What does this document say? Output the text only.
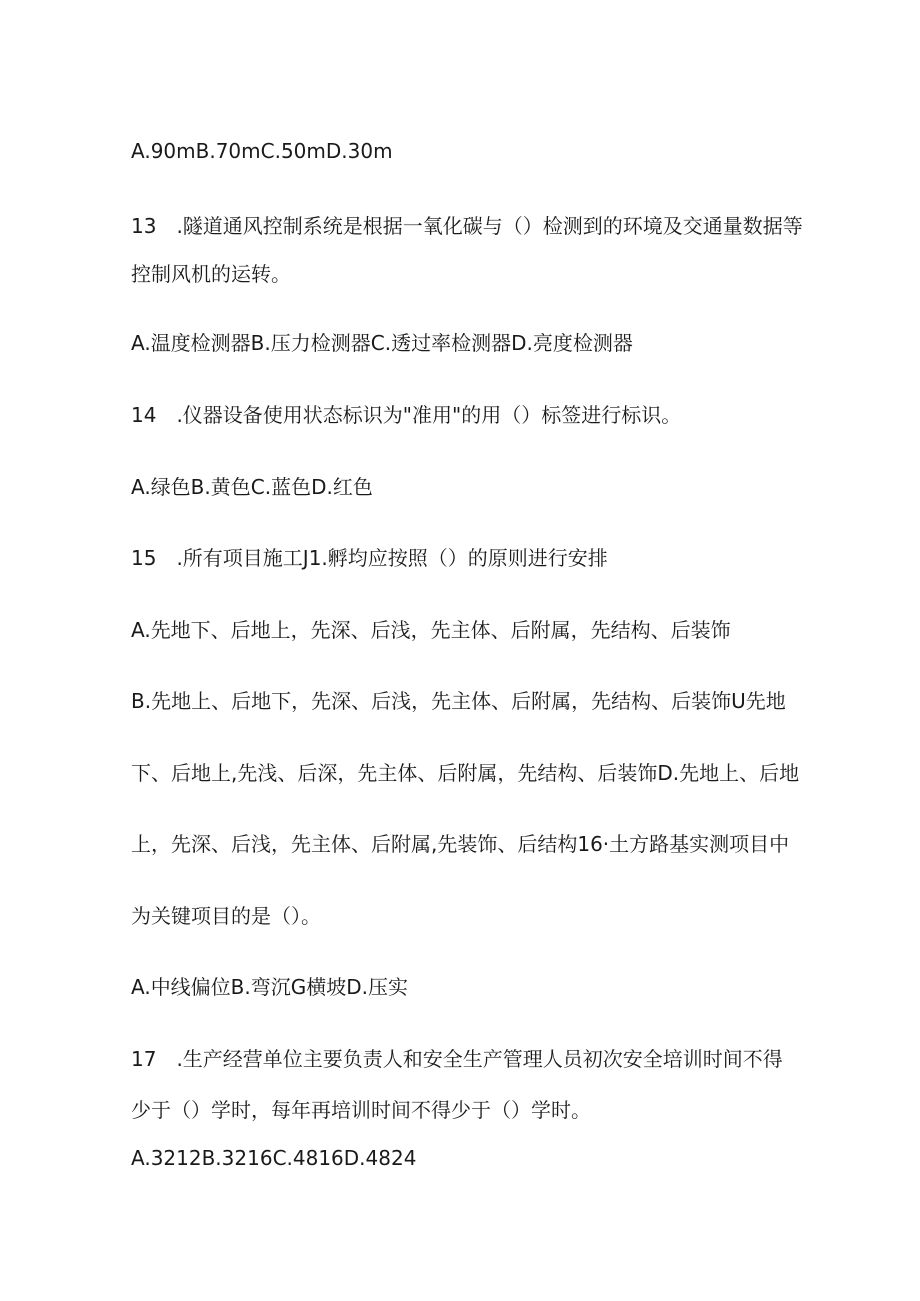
A.90mB.70mC.50mD.30m
13　.隧道通风控制系统是根据一氧化碳与（）检测到的环境及交通量数据等
控制风机的运转。
A.温度检测器B.压力检测器C.透过率检测器D.亮度检测器
14　.仪器设备使用状态标识为"准用"的用（）标签进行标识。
A.绿色B.黄色C.蓝色D.红色
15　.所有项目施工J1.孵均应按照（）的原则进行安排
A.先地下、后地上，先深、后浅，先主体、后附属，先结构、后装饰
B.先地上、后地下，先深、后浅，先主体、后附属，先结构、后装饰U先地
下、后地上,先浅、后深，先主体、后附属，先结构、后装饰D.先地上、后地
上，先深、后浅，先主体、后附属,先装饰、后结构16·土方路基实测项目中
为关键项目的是（）。
A.中线偏位B.弯沉G横坡D.压实
17　.生产经营单位主要负责人和安全生产管理人员初次安全培训时间不得
少于（）学时，每年再培训时间不得少于（）学时。
A.3212B.3216C.4816D.4824
